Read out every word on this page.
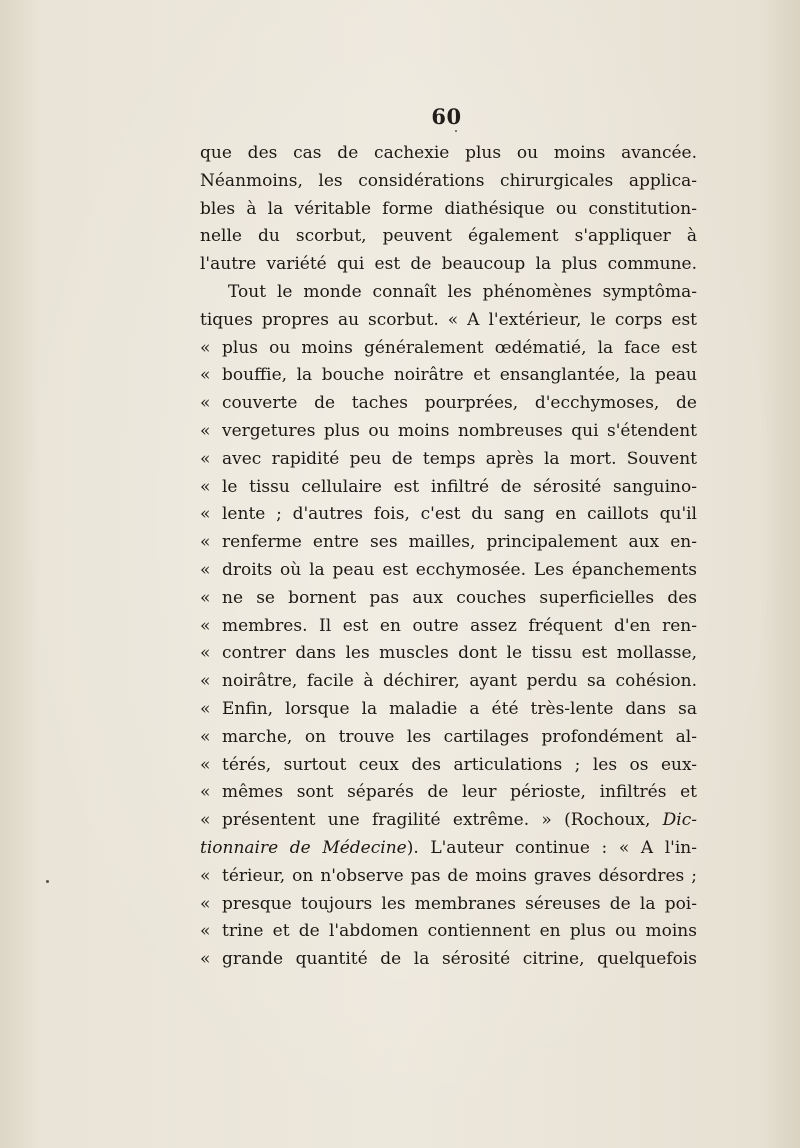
60
que des cas de cachexie plus ou moins avancée.
Néanmoins, les considérations chirurgicales applica-
bles à la véritable forme diathésique ou constitution-
nelle du scorbut, peuvent également s'appliquer à
l'autre variété qui est de beaucoup la plus commune.
Tout le monde connaît les phénomènes symptôma-
tiques propres au scorbut. « A l'extérieur, le corps est
« plus ou moins généralement œdématié, la face est
« bouffie, la bouche noirâtre et ensanglantée, la peau
« couverte de taches pourprées, d'ecchymoses, de
« vergetures plus ou moins nombreuses qui s'étendent
« avec rapidité peu de temps après la mort. Souvent
« le tissu cellulaire est infiltré de sérosité sanguino-
« lente ; d'autres fois, c'est du sang en caillots qu'il
« renferme entre ses mailles, principalement aux en-
« droits où la peau est ecchymosée. Les épanchements
« ne se bornent pas aux couches superficielles des
« membres. Il est en outre assez fréquent d'en ren-
« contrer dans les muscles dont le tissu est mollasse,
« noirâtre, facile à déchirer, ayant perdu sa cohésion.
« Enfin, lorsque la maladie a été très-lente dans sa
« marche, on trouve les cartilages profondément al-
« térés, surtout ceux des articulations ; les os eux-
« mêmes sont séparés de leur périoste, infiltrés et
« présentent une fragilité extrême. » (Rochoux, Dic-
tionnaire de Médecine). L'auteur continue : « A l'in-
« térieur, on n'observe pas de moins graves désordres ;
« presque toujours les membranes séreuses de la poi-
« trine et de l'abdomen contiennent en plus ou moins
« grande quantité de la sérosité citrine, quelquefois
